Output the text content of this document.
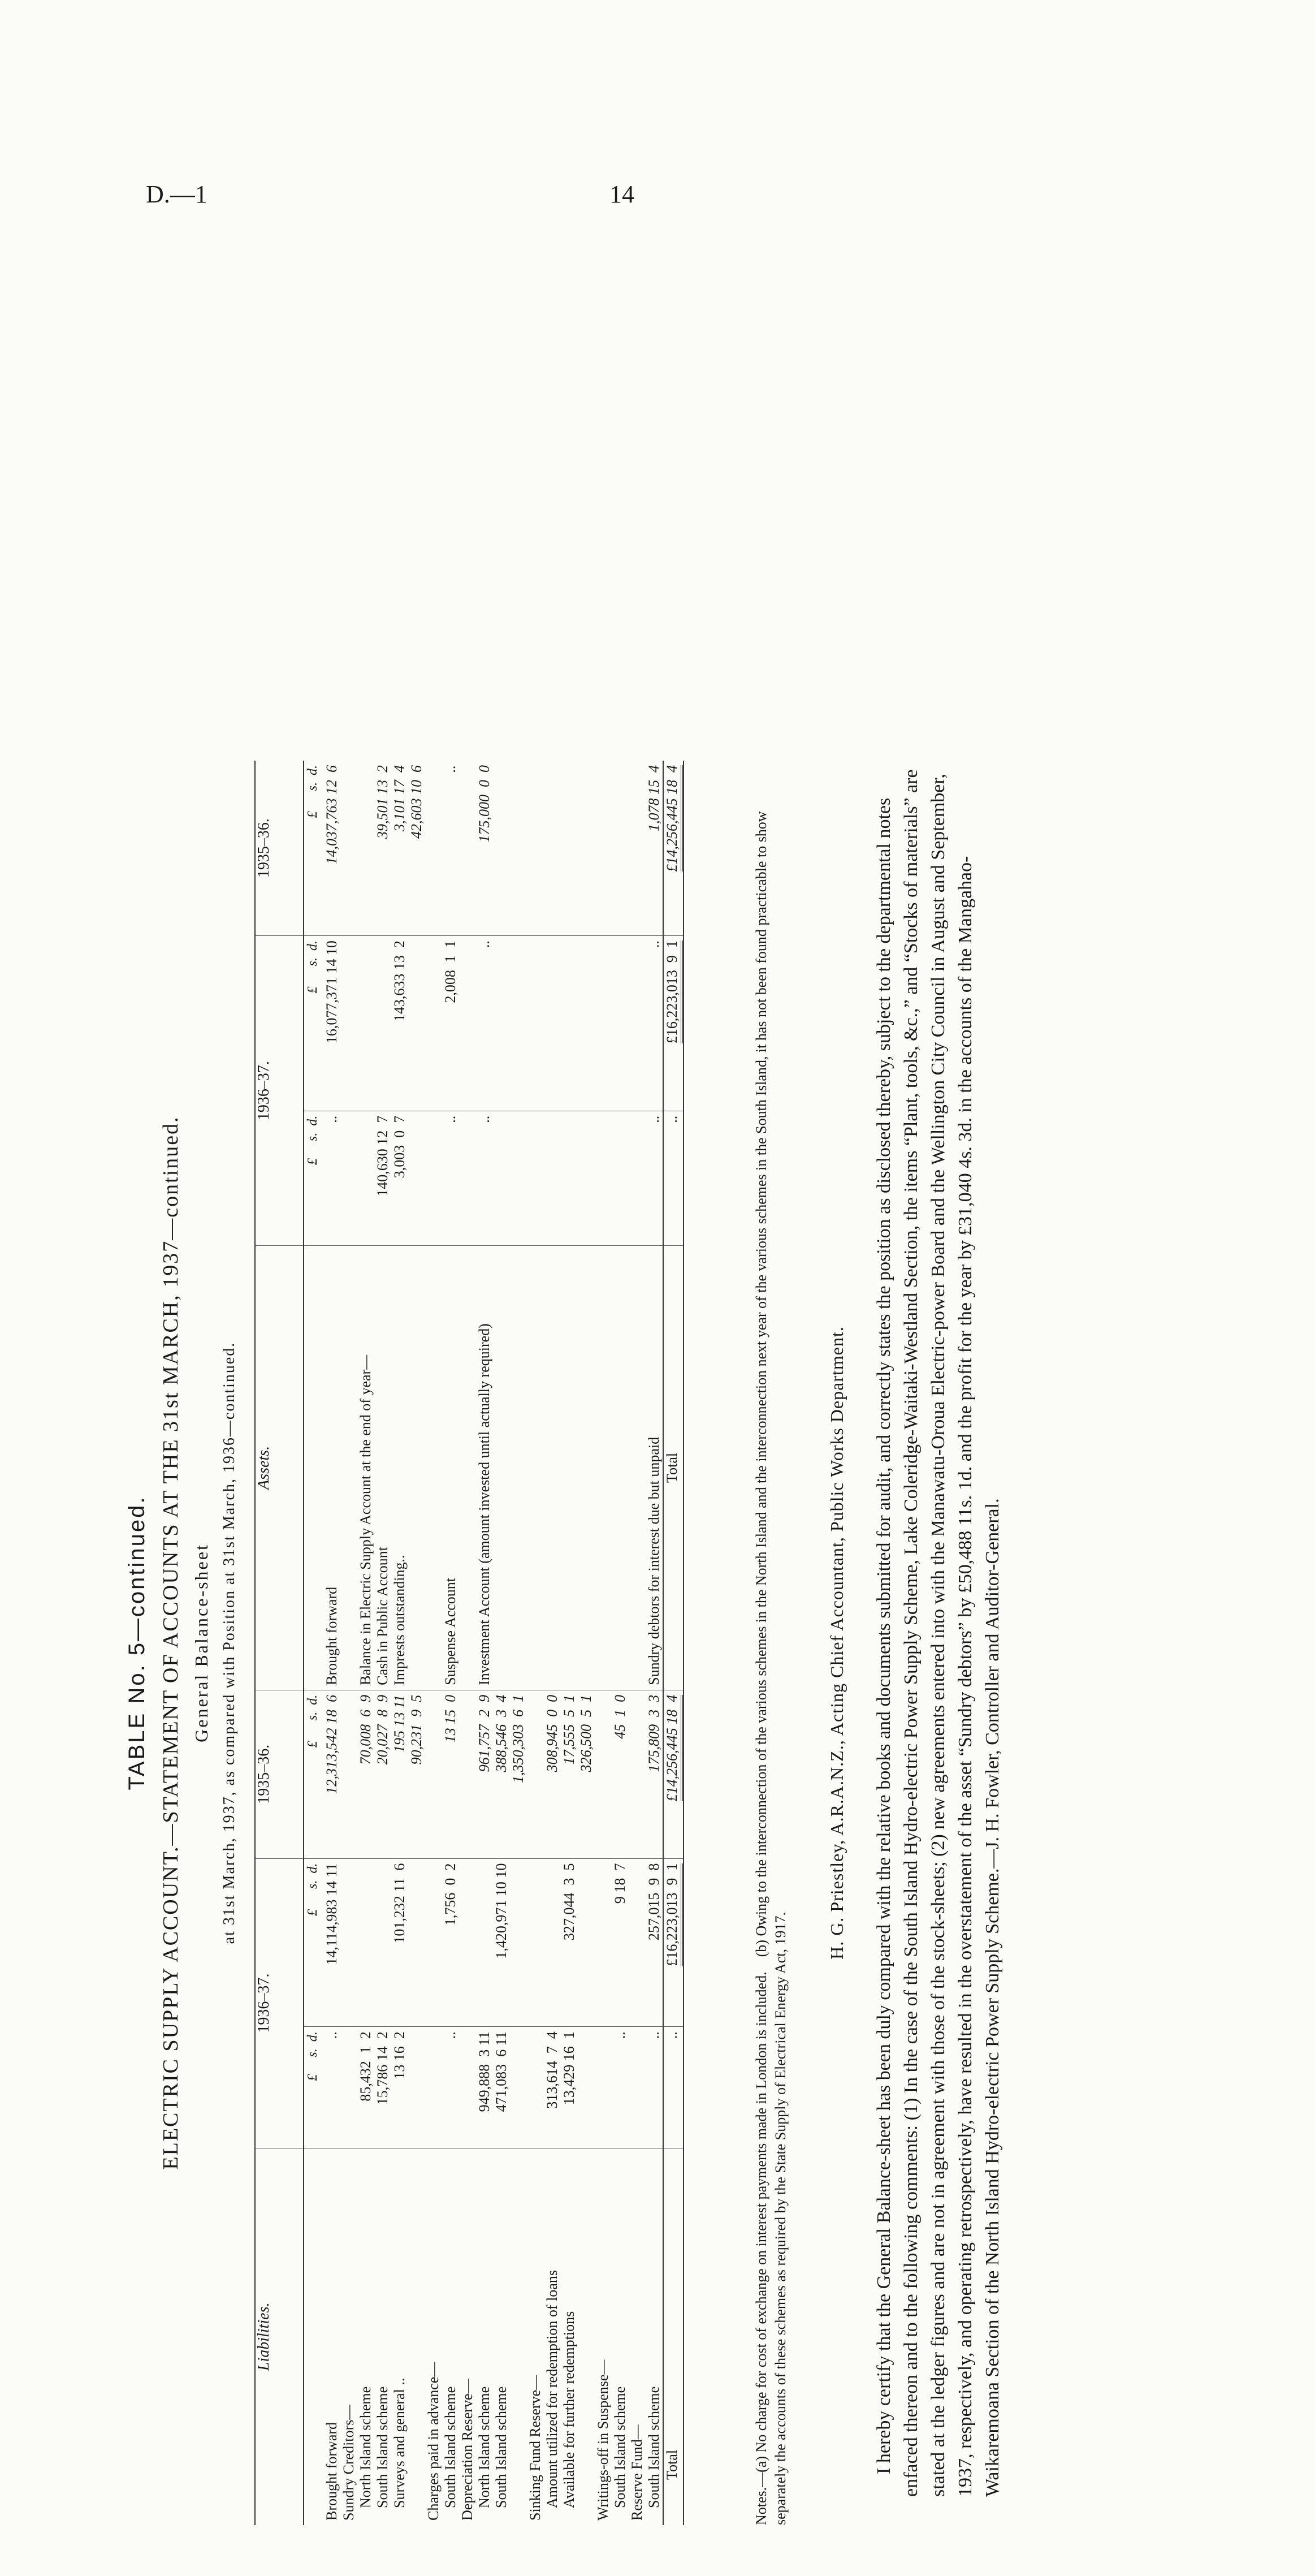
D.—1	14
TABLE No. 5—continued. ELECTRIC SUPPLY ACCOUNT.—STATEMENT OF ACCOUNTS AT THE 31st MARCH, 1937—continued. General Balance-sheet at 31st March, 1937, as compared with Position at 31st March, 1936—continued.
Liabilities.	1936–37.		1935–36.	Assets.	1936–37.		1935–36.
	£     s.  d.	£      s.  d.	£      s.  d.		£     s.  d.	£      s.  d.	£      s.  d.
Brought forward	..	14,114,983 14 11	12,313,542 18  6	Brought forward	..	16,077,371 14 10	14,037,763 12  6
Sundry Creditors—							
North Island scheme	85,432  1  2		70,008  6  9	Balance in Electric Supply Account at the end of year—			
South Island scheme	15,786 14  2		20,027  8  9	Cash in Public Account	140,630 12  7		39,501 13  2
Surveys and general ..	13 16  2	101,232 11  6	195 13 11	Imprests outstanding..	3,003  0  7	143,633 13  2	3,101 17  4
			90,231  9  5				42,603 10  6
Charges paid in advance—							
South Island scheme	..	1,756  0  2	13 15  0	Suspense Account	..	2,008  1  1	..
Depreciation Reserve—							
North Island scheme	949,888  3 11		961,757  2  9	Investment Account (amount invested until actually required)	..	..	175,000  0  0
South Island scheme	471,083  6 11	1,420,971 10 10	388,546  3  4				
			1,350,303  6  1				
Sinking Fund Reserve—							
Amount utilized for redemption of loans	313,614  7  4		308,945  0  0				
Available for further redemptions	13,429 16  1	327,044  3  5	17,555  5  1				
			326,500  5  1				
Writings-off in Suspense—							
South Island scheme	..	9 18  7	45  1  0				
Reserve Fund—							
South Island scheme	..	257,015  9  8	175,809  3  3	Sundry debtors for interest due but unpaid	..	..	1,078 15  4
Total	..	£16,223,013  9  1	£14,256,445 18  4	Total	..	£16,223,013  9  1	£14,256,445 18  4
Notes.—(a) No charge for cost of exchange on interest payments made in London is included.    (b) Owing to the interconnection of the various schemes in the North Island and the interconnection next year of the various schemes in the South Island, it has not been found practicable to show separately the accounts of these schemes as required by the State Supply of Electrical Energy Act, 1917.
H. G. Priestley, A.R.A.N.Z., Acting Chief Accountant, Public Works Department. I hereby certify that the General Balance-sheet has been duly compared with the relative books and documents submitted for audit, and correctly states the position as disclosed thereby, subject to the departmental notes enfaced thereon and to the following comments: (1) In the case of the South Island Hydro-electric Power Supply Scheme, Lake Coleridge-Waitaki-Westland Section, the items “Plant, tools, &c.,” and “Stocks of materials” are stated at the ledger figures and are not in agreement with those of the stock-sheets; (2) new agreements entered into with the Manawatu-Oroua Electric-power Board and the Wellington City Council in August and September, 1937, respectively, and operating retrospectively, have resulted in the overstatement of the asset “Sundry debtors” by £50,488 11s. 1d. and the profit for the year by £31,040 4s. 3d. in the accounts of the Mangahao-Waikaremoana Section of the North Island Hydro-electric Power Supply Scheme.—J. H. Fowler, Controller and Auditor-General.
